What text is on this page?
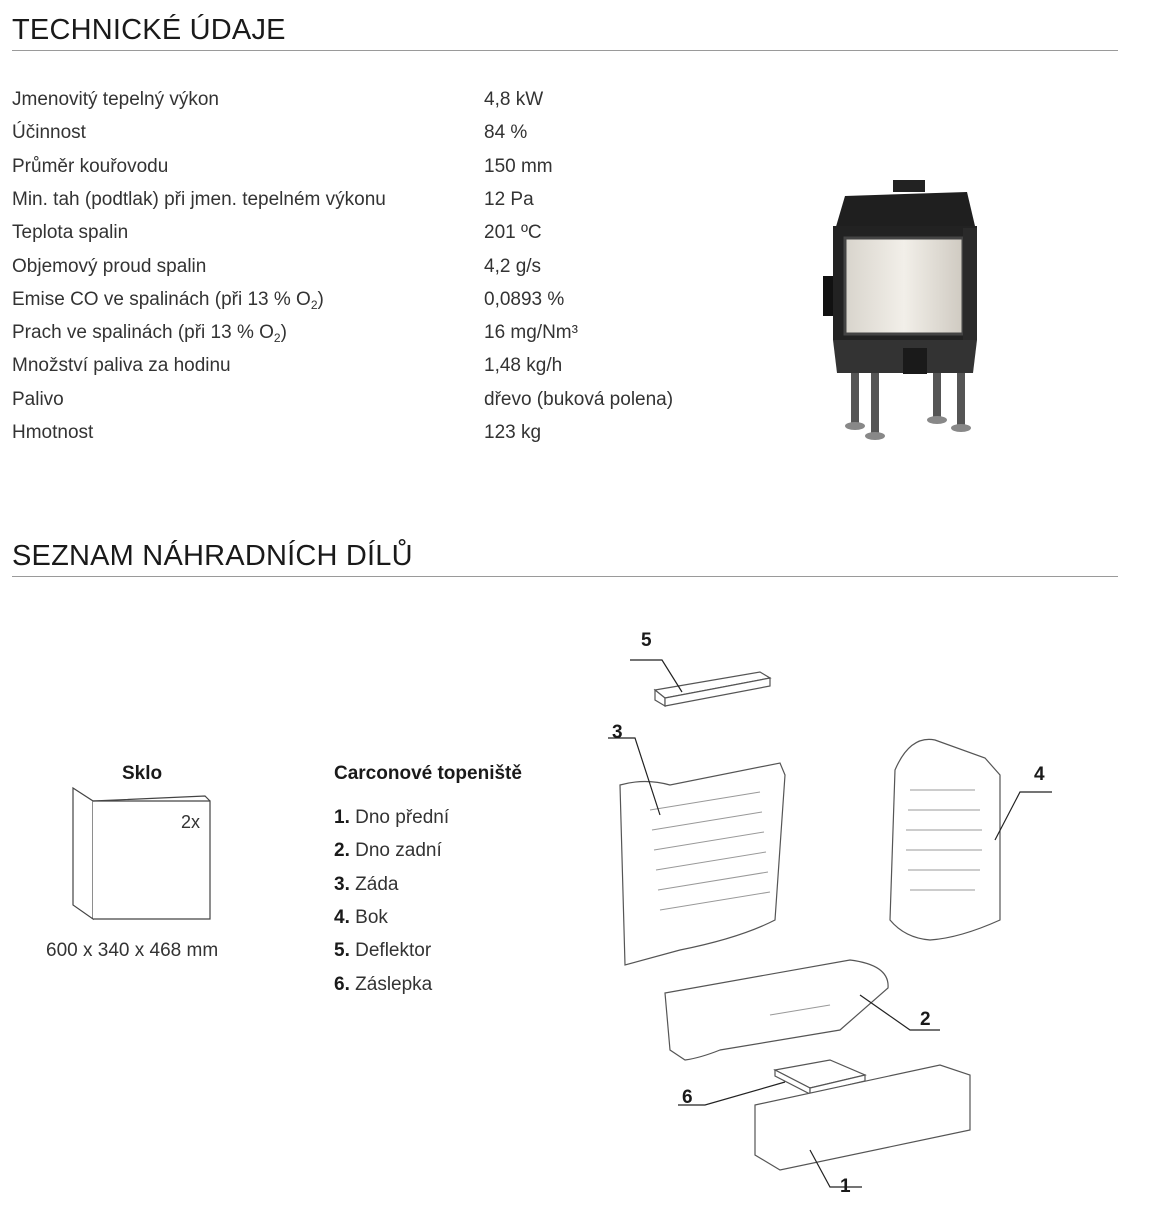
TECHNICKÉ ÚDAJE
Jmenovitý tepelný výkon	4,8 kW
Účinnost	84 %
Průměr kouřovodu	150 mm
Min. tah (podtlak) při jmen. tepelném výkonu	12 Pa
Teplota spalin	201 ºC
Objemový proud spalin	4,2 g/s
Emise CO ve spalinách (při 13 % $O_2$)	0,0893 %
Prach ve spalinách (při 13 % $O_2$)	16 mg/Nm³
Množství paliva za hodinu	1,48 kg/h
Palivo	dřevo (buková polena)
Hmotnost	123 kg
SEZNAM NÁHRADNÍCH DÍLŮ
Sklo
2x
600 x 340 x 468 mm
Carconové topeniště
1. Dno přední
2. Dno zadní
3. Záda
4. Bok
5. Deflektor
6. Záslepka
5
3
4
2
6
1
